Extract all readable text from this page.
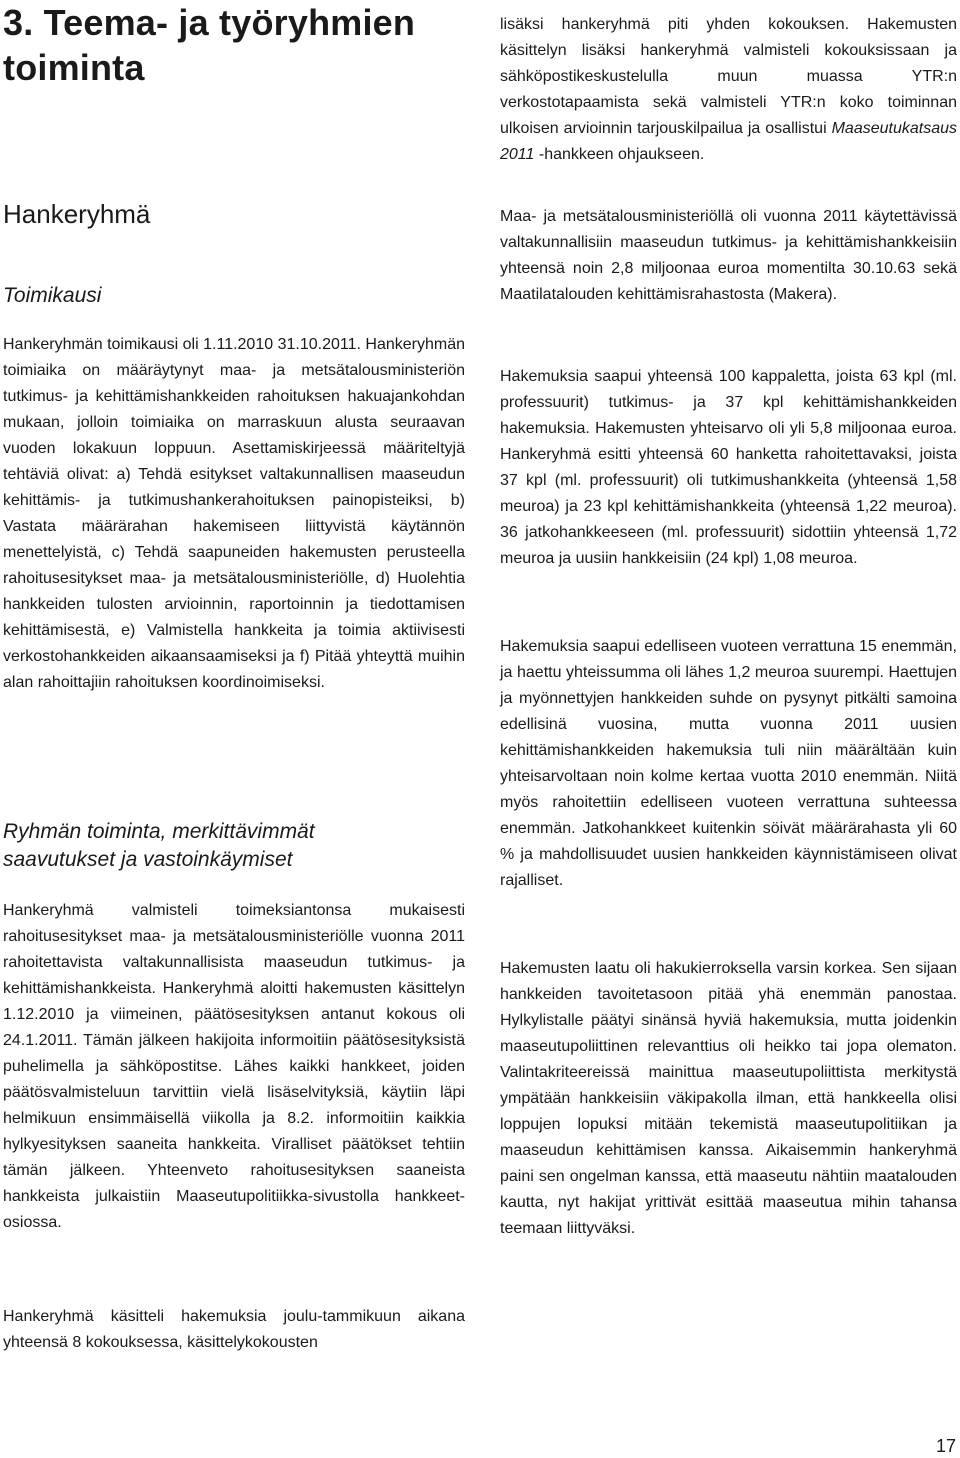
3. Teema- ja työryhmien
toiminta
Hankeryhmä
Toimikausi

Hankeryhmän toimikausi oli 1.11.2010 31.10.2011. Hankeryhmän toimiaika on määräytynyt maa- ja metsätalousministeriön tutkimus- ja kehittämishankkeiden rahoituksen hakuajankohdan mukaan, jolloin toimiaika on marraskuun alusta seuraavan vuoden lokakuun loppuun. Asettamiskirjeessä määriteltyjä tehtäviä olivat: a) Tehdä esitykset valtakunnallisen maaseudun kehittämis- ja tutkimushankerahoituksen painopisteiksi, b) Vastata määrärahan hakemiseen liittyvistä käytännön menettelyistä, c) Tehdä saapuneiden hakemusten perusteella rahoitusesitykset maa- ja metsätalousministeriölle, d) Huolehtia hankkeiden tulosten arvioinnin, raportoinnin ja tiedottamisen kehittämisestä, e) Valmistella hankkeita ja toimia aktiivisesti verkostohankkeiden aikaansaamiseksi ja f) Pitää yhteyttä muihin alan rahoittajiin rahoituksen koordinoimiseksi.

Ryhmän toiminta, merkittävimmät saavutukset ja vastoinkäymiset

Hankeryhmä valmisteli toimeksiantonsa mukaisesti rahoitusesitykset maa- ja metsätalousministeriölle vuonna 2011 rahoitettavista valtakunnallisista maaseudun tutkimus- ja kehittämishankkeista. Hankeryhmä aloitti hakemusten käsittelyn 1.12.2010 ja viimeinen, päätösesityksen antanut kokous oli 24.1.2011. Tämän jälkeen hakijoita informoitiin päätösesityksistä puhelimella ja sähköpostitse. Lähes kaikki hankkeet, joiden päätösvalmisteluun tarvittiin vielä lisäselvityksiä, käytiin läpi helmikuun ensimmäisellä viikolla ja 8.2. informoitiin kaikkia hylkyesityksen saaneita hankkeita. Viralliset päätökset tehtiin tämän jälkeen. Yhteenveto rahoitusesityksen saaneista hankkeista julkaistiin Maaseutupolitiikka-sivustolla hankkeet-osiossa.

Hankeryhmä käsitteli hakemuksia joulu-tammikuun aikana yhteensä 8 kokouksessa, käsittelykokousten

lisäksi hankeryhmä piti yhden kokouksen. Hakemusten käsittelyn lisäksi hankeryhmä valmisteli kokouksissaan ja sähköpostikeskustelulla muun muassa YTR:n verkostotapaamista sekä valmisteli YTR:n koko toiminnan ulkoisen arvioinnin tarjouskilpailua ja osallistui Maaseutukatsaus 2011 -hankkeen ohjaukseen.

Maa- ja metsätalousministeriöllä oli vuonna 2011 käytettävissä valtakunnallisiin maaseudun tutkimus- ja kehittämishankkeisiin yhteensä noin 2,8 miljoonaa euroa momentilta 30.10.63 sekä Maatilatalouden kehittämisrahastosta (Makera).

Hakemuksia saapui yhteensä 100 kappaletta, joista 63 kpl (ml. professuurit) tutkimus- ja 37 kpl kehittämishankkeiden hakemuksia. Hakemusten yhteisarvo oli yli 5,8 miljoonaa euroa. Hankeryhmä esitti yhteensä 60 hanketta rahoitettavaksi, joista 37 kpl (ml. professuurit) oli tutkimushankkeita (yhteensä 1,58 meuroa) ja 23 kpl kehittämishankkeita (yhteensä 1,22 meuroa). 36 jatkohankkeeseen (ml. professuurit) sidottiin yhteensä 1,72 meuroa ja uusiin hankkeisiin (24 kpl) 1,08 meuroa.

Hakemuksia saapui edelliseen vuoteen verrattuna 15 enemmän, ja haettu yhteissumma oli lähes 1,2 meuroa suurempi. Haettujen ja myönnettyjen hankkeiden suhde on pysynyt pitkälti samoina edellisinä vuosina, mutta vuonna 2011 uusien kehittämishankkeiden hakemuksia tuli niin määrältään kuin yhteisarvoltaan noin kolme kertaa vuotta 2010 enemmän. Niitä myös rahoitettiin edelliseen vuoteen verrattuna suhteessa enemmän. Jatkohankkeet kuitenkin söivät määrärahasta yli 60 % ja mahdollisuudet uusien hankkeiden käynnistämiseen olivat rajalliset.

Hakemusten laatu oli hakukierroksella varsin korkea. Sen sijaan hankkeiden tavoitetasoon pitää yhä enemmän panostaa. Hylkylistalle päätyi sinänsä hyviä hakemuksia, mutta joidenkin maaseutupoliittinen relevanttius oli heikko tai jopa olematon. Valintakriteereissä mainittua maaseutupoliittista merkitystä ympätään hankkeisiin väkipakolla ilman, että hankkeella olisi loppujen lopuksi mitään tekemistä maaseutupolitiikan ja maaseudun kehittämisen kanssa. Aikaisemmin hankeryhmä paini sen ongelman kanssa, että maaseutu nähtiin maatalouden kautta, nyt hakijat yrittivät esittää maaseutua mihin tahansa teemaan liittyväksi.

17
